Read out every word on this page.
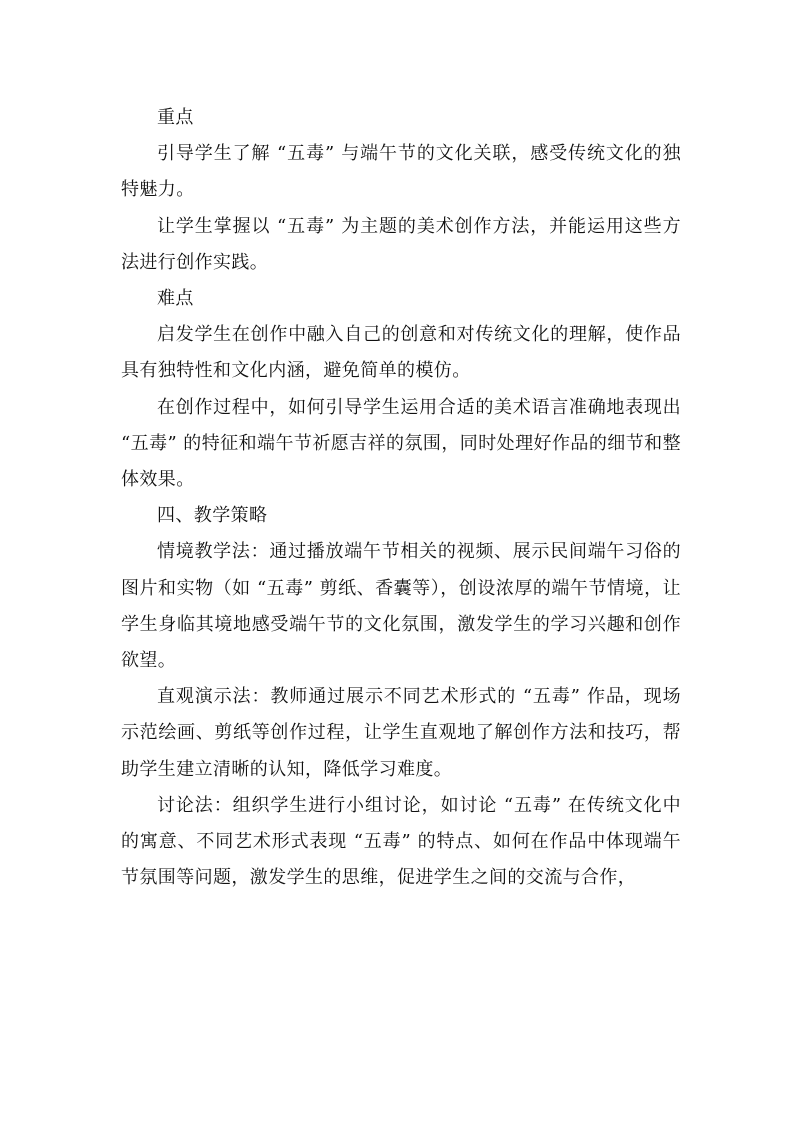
重点

引导学生了解 “五毒” 与端午节的文化关联，感受传统文化的独特魅力。

让学生掌握以 “五毒” 为主题的美术创作方法，并能运用这些方法进行创作实践。

难点

启发学生在创作中融入自己的创意和对传统文化的理解，使作品具有独特性和文化内涵，避免简单的模仿。

在创作过程中，如何引导学生运用合适的美术语言准确地表现出 “五毒” 的特征和端午节祈愿吉祥的氛围，同时处理好作品的细节和整体效果。

四、教学策略

情境教学法：通过播放端午节相关的视频、展示民间端午习俗的图片和实物（如 “五毒” 剪纸、香囊等），创设浓厚的端午节情境，让学生身临其境地感受端午节的文化氛围，激发学生的学习兴趣和创作欲望。

直观演示法：教师通过展示不同艺术形式的 “五毒” 作品，现场示范绘画、剪纸等创作过程，让学生直观地了解创作方法和技巧，帮助学生建立清晰的认知，降低学习难度。

讨论法：组织学生进行小组讨论，如讨论 “五毒” 在传统文化中的寓意、不同艺术形式表现 “五毒” 的特点、如何在作品中体现端午节氛围等问题，激发学生的思维，促进学生之间的交流与合作，
